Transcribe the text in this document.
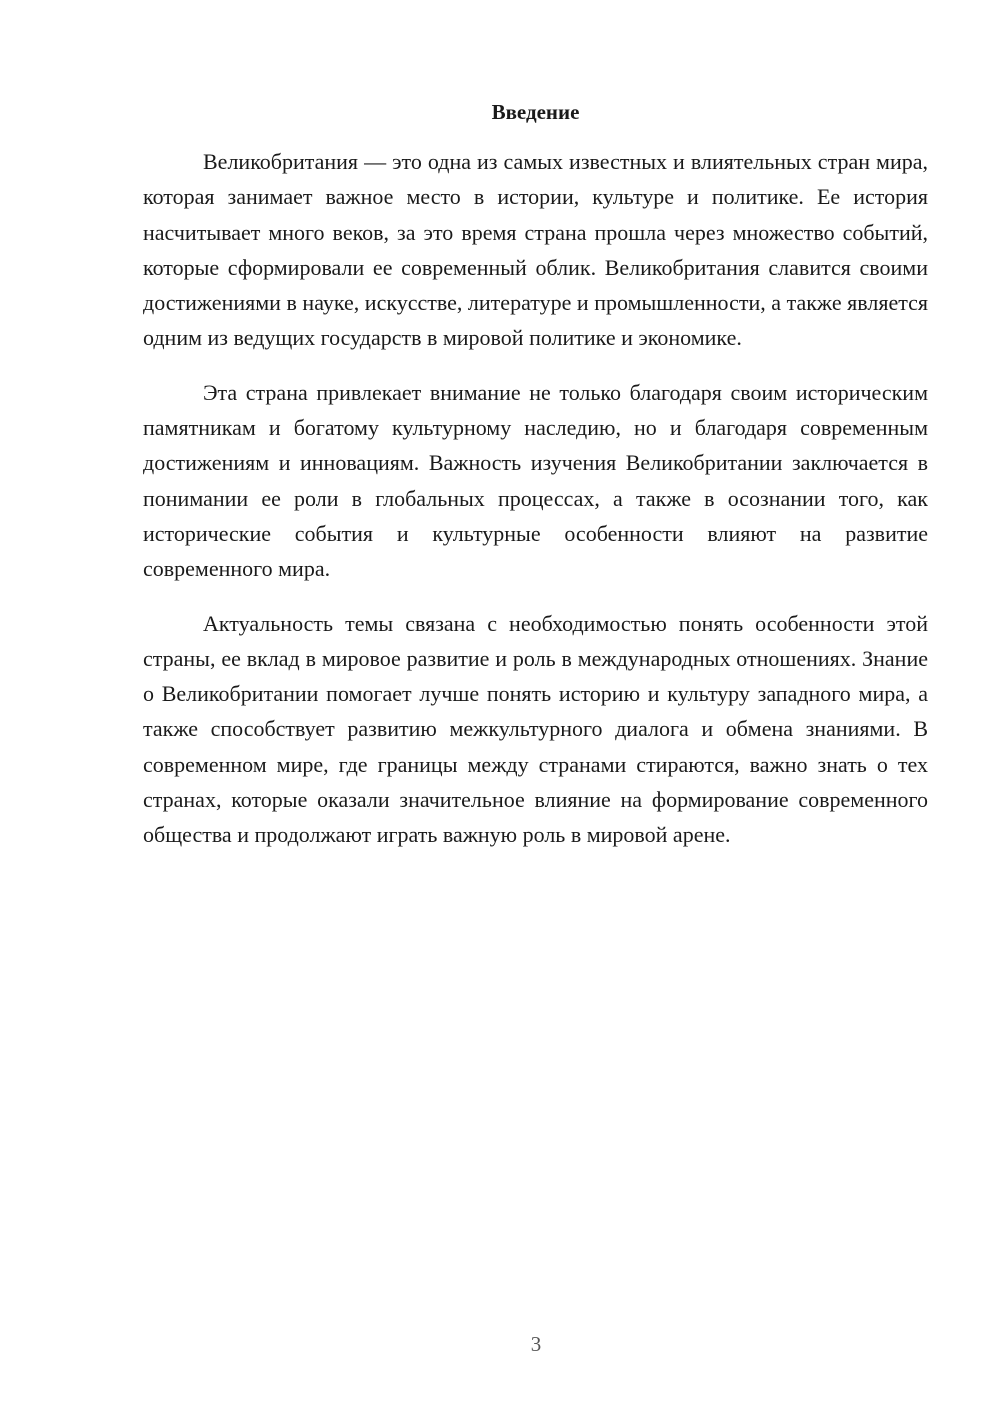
Введение

Великобритания — это одна из самых известных и влиятельных стран мира, которая занимает важное место в истории, культуре и политике. Ее история насчитывает много веков, за это время страна прошла через множество событий, которые сформировали ее современный облик. Великобритания славится своими достижениями в науке, искусстве, литературе и промышленности, а также является одним из ведущих государств в мировой политике и экономике.

Эта страна привлекает внимание не только благодаря своим историческим памятникам и богатому культурному наследию, но и благодаря современным достижениям и инновациям. Важность изучения Великобритании заключается в понимании ее роли в глобальных процессах, а также в осознании того, как исторические события и культурные особенности влияют на развитие современного мира.

Актуальность темы связана с необходимостью понять особенности этой страны, ее вклад в мировое развитие и роль в международных отношениях. Знание о Великобритании помогает лучше понять историю и культуру западного мира, а также способствует развитию межкультурного диалога и обмена знаниями. В современном мире, где границы между странами стираются, важно знать о тех странах, которые оказали значительное влияние на формирование современного общества и продолжают играть важную роль в мировой арене.

3
